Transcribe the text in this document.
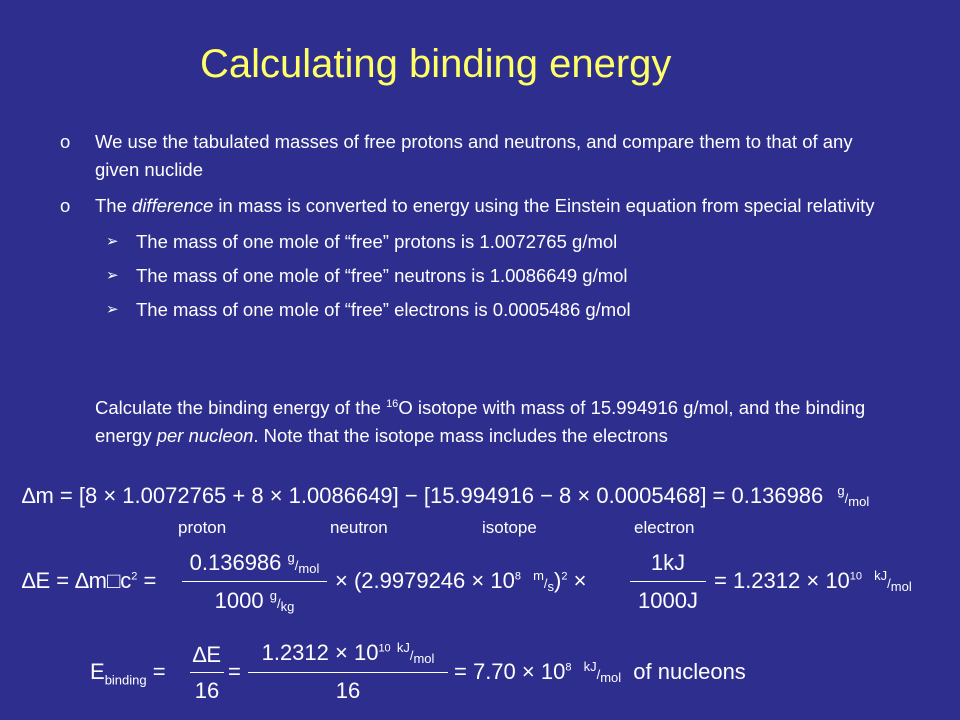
Calculating binding energy
o We use the tabulated masses of free protons and neutrons, and compare them to that of any given nuclide
o The difference in mass is converted to energy using the Einstein equation from special relativity
➢ The mass of one mole of “free” protons is 1.0072765 g/mol
➢ The mass of one mole of “free” neutrons is 1.0086649 g/mol
➢ The mass of one mole of “free” electrons is 0.0005486 g/mol
Calculate the binding energy of the $^{16}$O isotope with mass of 15.994916 g/mol, and the binding energy per nucleon. Note that the isotope mass includes the electrons
∆m = [8 × 1.0072765 + 8 × 1.0086649] − [15.994916 − 8 × 0.0005468] = 0.136986 g/mol
proton	neutron	isotope	electron
$\Delta E = \Delta m□c^2$ =
0.136986 g/mol
1000 g/kg
× ($2.9979246 \times 10^8$ m/s)$^2$ ×
1kJ
1000J
= $1.2312 \times 10^{10}$ kJ/mol
$E_{binding}$ =
∆E
16
=
$1.2312 \times 10^{10}$ kJ/mol
16
= $7.70 \times 10^8$ kJ/mol of nucleons
